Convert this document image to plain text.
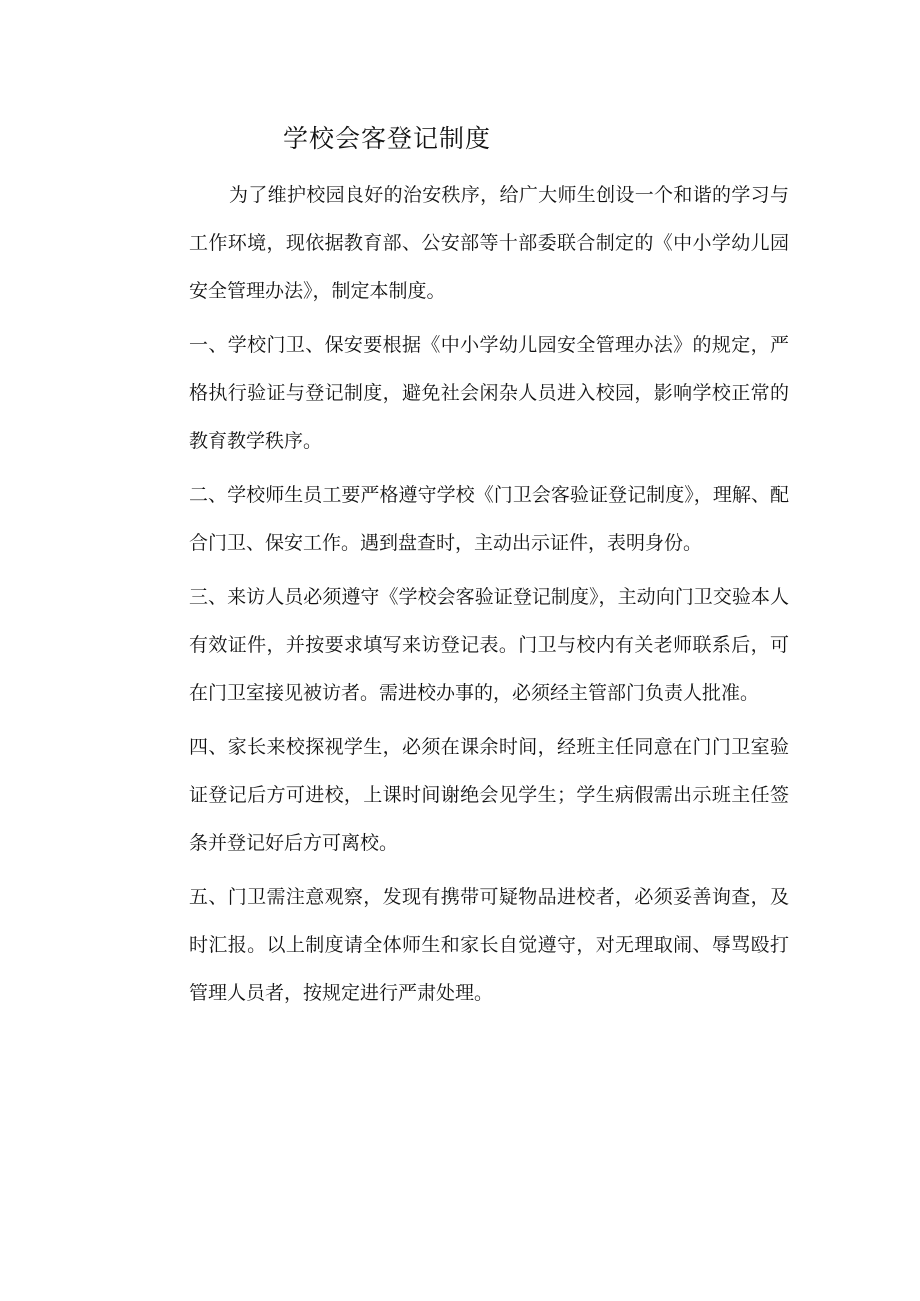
学校会客登记制度

为了维护校园良好的治安秩序，给广大师生创设一个和谐的学习与工作环境，现依据教育部、公安部等十部委联合制定的《中小学幼儿园安全管理办法》，制定本制度。

一、学校门卫、保安要根据《中小学幼儿园安全管理办法》的规定，严格执行验证与登记制度，避免社会闲杂人员进入校园，影响学校正常的教育教学秩序。

二、学校师生员工要严格遵守学校《门卫会客验证登记制度》，理解、配合门卫、保安工作。遇到盘查时，主动出示证件，表明身份。

三、来访人员必须遵守《学校会客验证登记制度》，主动向门卫交验本人有效证件，并按要求填写来访登记表。门卫与校内有关老师联系后，可在门卫室接见被访者。需进校办事的，必须经主管部门负责人批准。

四、家长来校探视学生，必须在课余时间，经班主任同意在门门卫室验证登记后方可进校，上课时间谢绝会见学生；学生病假需出示班主任签条并登记好后方可离校。

五、门卫需注意观察，发现有携带可疑物品进校者，必须妥善询查，及时汇报。以上制度请全体师生和家长自觉遵守，对无理取闹、辱骂殴打管理人员者，按规定进行严肃处理。
